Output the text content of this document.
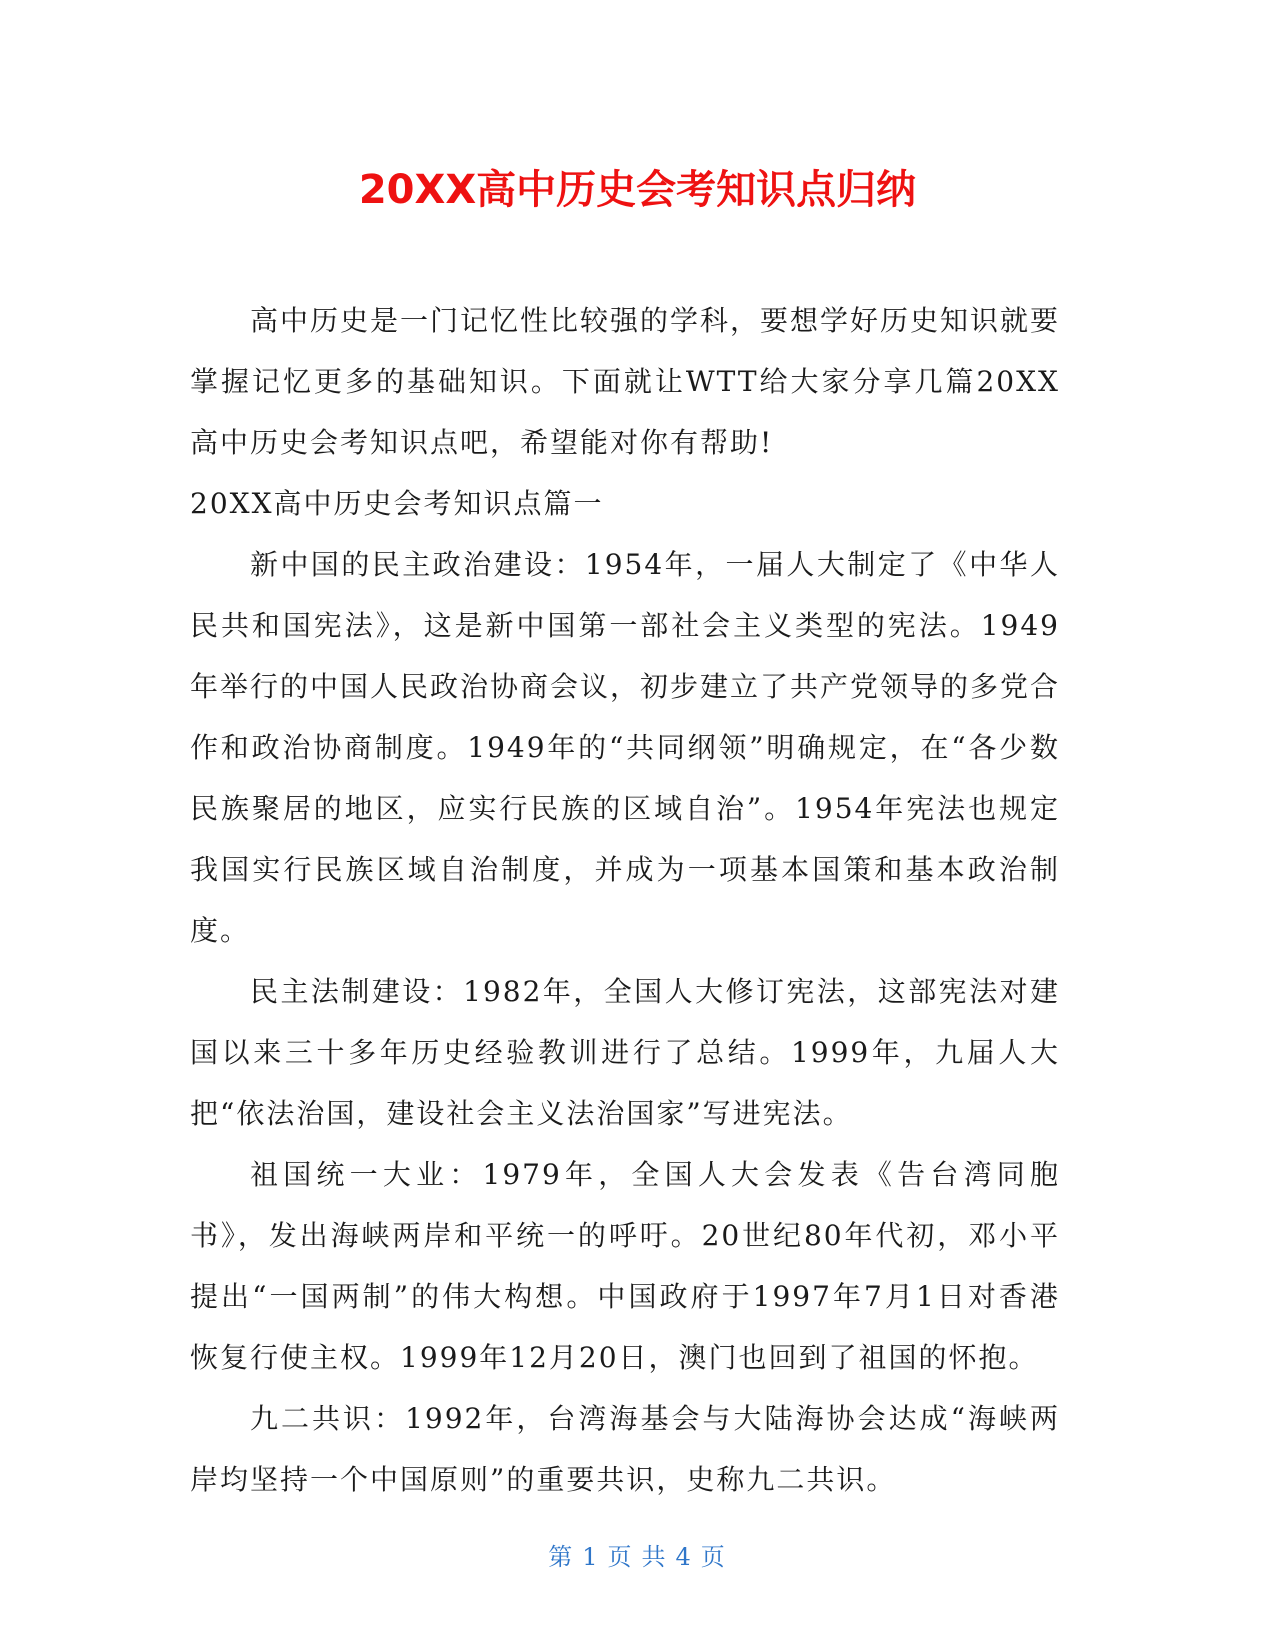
20XX高中历史会考知识点归纳

高中历史是一门记忆性比较强的学科，要想学好历史知识就要掌握记忆更多的基础知识。下面就让WTT给大家分享几篇20XX高中历史会考知识点吧，希望能对你有帮助!

20XX高中历史会考知识点篇一

新中国的民主政治建设：1954年，一届人大制定了《中华人民共和国宪法》，这是新中国第一部社会主义类型的宪法。1949年举行的中国人民政治协商会议，初步建立了共产党领导的多党合作和政治协商制度。1949年的“共同纲领”明确规定，在“各少数民族聚居的地区，应实行民族的区域自治”。1954年宪法也规定我国实行民族区域自治制度，并成为一项基本国策和基本政治制度。

民主法制建设：1982年，全国人大修订宪法，这部宪法对建国以来三十多年历史经验教训进行了总结。1999年，九届人大把“依法治国，建设社会主义法治国家”写进宪法。

祖国统一大业：1979年，全国人大会发表《告台湾同胞书》，发出海峡两岸和平统一的呼吁。20世纪80年代初，邓小平提出“一国两制”的伟大构想。中国政府于1997年7月1日对香港恢复行使主权。1999年12月20日，澳门也回到了祖国的怀抱。

九二共识：1992年，台湾海基会与大陆海协会达成“海峡两岸均坚持一个中国原则”的重要共识，史称九二共识。

第 1 页 共 4 页
